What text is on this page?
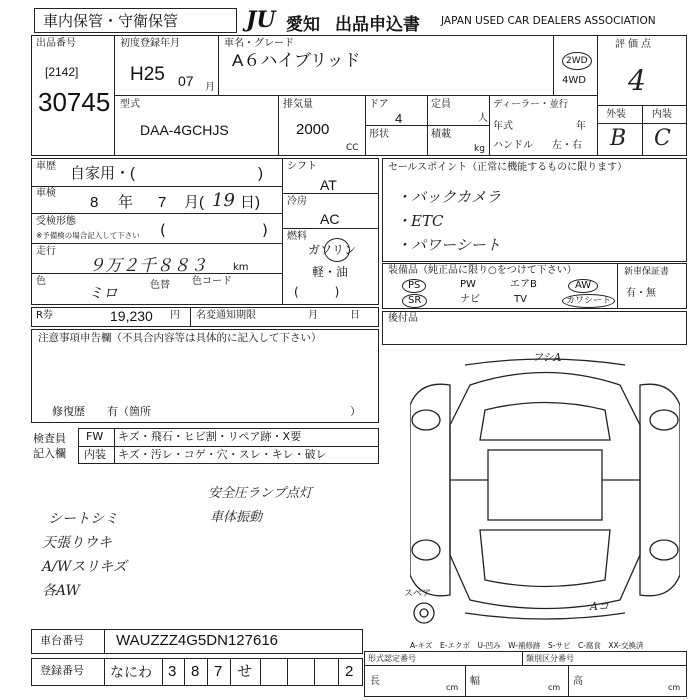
車内保管・守衛保管	JU 愛知 出品申込書 JAPAN USED CAR DEALERS ASSOCIATION
出品番号
[2142]
30745
初度登録年月
H25 07 月
車名・グレード
A６ハイブリッド	2WD
4WD
評価点
4
外装	内装
B C
型式
DAA-4GCHJS
排気量
2000
CC
ドア
4
定員
人
形状	積載
kg
ディーラー・並行
年式	年
ハンドル 左・右
車歴 自家用・(	)
車検
8 年 7 月( 19 日)
受検形態
※予備検の場合記入して下さい (	)
走行
９万２千８８３	km
色
ミロ	色替 色コード
シフト
AT
冷房
AC
燃料
ガソリン
軽・油
(　　　)
セールスポイント（正常に機能するものに限ります）
・バックカメラ
・ETC
・パワーシート
装備品（純正品に限り○をつけて下さい）
PS	PW	エアB	AW
SR	ナビ	TV	カワシート
新車保証書
有・無
R券	19,230 円 名変通知期限	月	日	後付品
注意事項申告欄（不具合内容等は具体的に記入して下さい）
修復歴　　有（箇所	）
検査員
記入欄
FW キズ・飛石・ヒビ割・リペア跡・X要
内装 キズ・汚レ・コゲ・穴・スレ・キレ・破レ
シートシミ
天張りウキ
A/Wスリキズ
各AW
安全圧ランプ点灯
車体振動
フシA
Aコ
スペア
A-キズ　E-エクボ　U-凹み　W-補修跡　S-サビ　C-腐食　XX-交換済
車台番号 WAUZZZ4G5DN127616
登録番号 なにわ 3 8 7 せ	2
形式認定番号	類別区分番号
長
cm
幅
cm
高
cm
